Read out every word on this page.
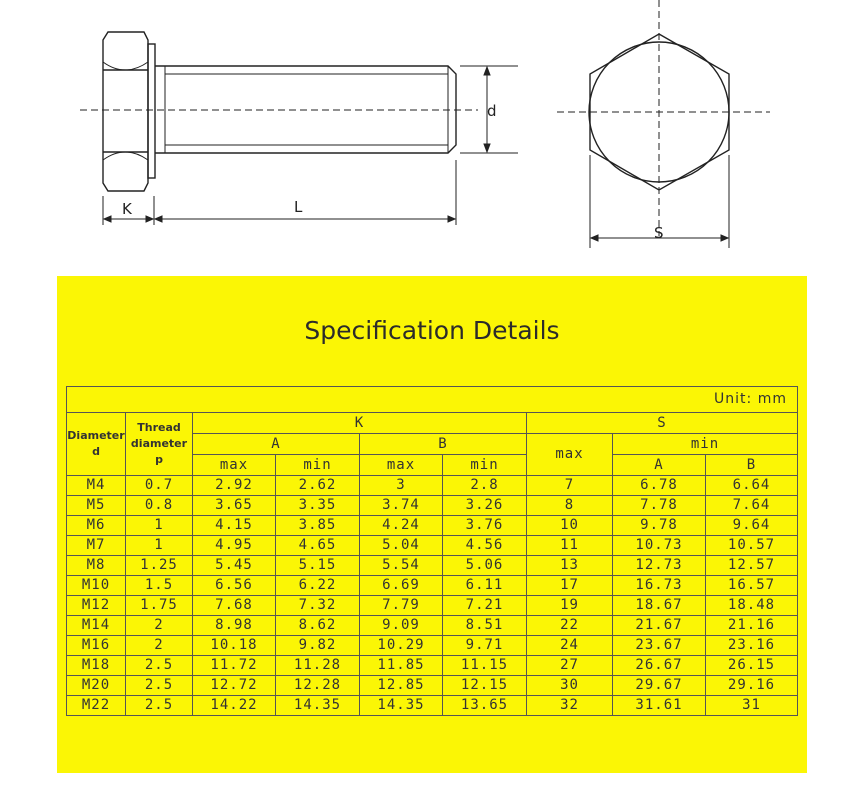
d
K	L
S
Specification Details
Unit: mm								
Diameter d	Thread diameter p	K				S		
		A		B		max	min	
		max	min	max	min		A	B
M4	0.7	2.92	2.62	3	2.8	7	6.78	6.64
M5	0.8	3.65	3.35	3.74	3.26	8	7.78	7.64
M6	1	4.15	3.85	4.24	3.76	10	9.78	9.64
M7	1	4.95	4.65	5.04	4.56	11	10.73	10.57
M8	1.25	5.45	5.15	5.54	5.06	13	12.73	12.57
M10	1.5	6.56	6.22	6.69	6.11	17	16.73	16.57
M12	1.75	7.68	7.32	7.79	7.21	19	18.67	18.48
M14	2	8.98	8.62	9.09	8.51	22	21.67	21.16
M16	2	10.18	9.82	10.29	9.71	24	23.67	23.16
M18	2.5	11.72	11.28	11.85	11.15	27	26.67	26.15
M20	2.5	12.72	12.28	12.85	12.15	30	29.67	29.16
M22	2.5	14.22	14.35	14.35	13.65	32	31.61	31
